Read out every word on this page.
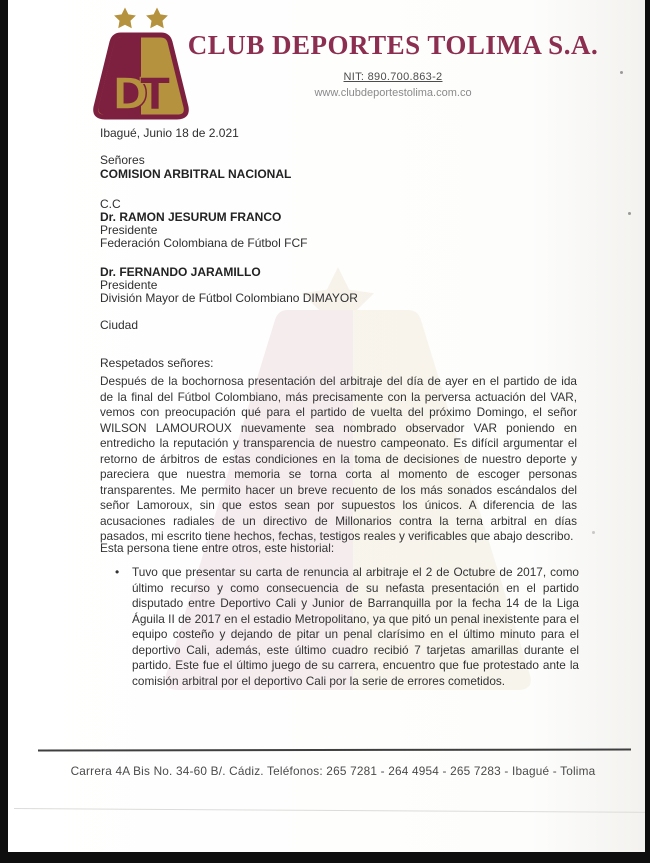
D
T
CLUB DEPORTES TOLIMA S.A.
NIT: 890.700.863-2
www.clubdeportestolima.com.co
Ibagué, Junio 18 de 2.021
Señores
COMISION ARBITRAL NACIONAL
C.C
Dr. RAMON JESURUM FRANCO
Presidente
Federación Colombiana de Fútbol FCF
Dr. FERNANDO JARAMILLO
Presidente
División Mayor de Fútbol Colombiano DIMAYOR
Ciudad
Respetados señores:
Después de la bochornosa presentación del arbitraje del día de ayer en el partido de ida de la final del Fútbol Colombiano, más precisamente con la perversa actuación del VAR, vemos con preocupación qué para el partido de vuelta del próximo Domingo, el señor WILSON LAMOUROUX nuevamente sea nombrado observador VAR poniendo en entredicho la reputación y transparencia de nuestro campeonato. Es difícil argumentar el retorno de árbitros de estas condiciones en la toma de decisiones de nuestro deporte y pareciera que nuestra memoria se torna corta al momento de escoger personas transparentes. Me permito hacer un breve recuento de los más sonados escándalos del señor Lamoroux, sin que estos sean por supuestos los únicos. A diferencia de las acusaciones radiales de un directivo de Millonarios contra la terna arbitral en días pasados, mi escrito tiene hechos, fechas, testigos reales y verificables que abajo describo.
Esta persona tiene entre otros, este historial:
• Tuvo que presentar su carta de renuncia al arbitraje el 2 de Octubre de 2017, como último recurso y como consecuencia de su nefasta presentación en el partido disputado entre Deportivo Cali y Junior de Barranquilla por la fecha 14 de la Liga Águila II de 2017 en el estadio Metropolitano, ya que pitó un penal inexistente para el equipo costeño y dejando de pitar un penal clarísimo en el último minuto para el deportivo Cali, además, este último cuadro recibió 7 tarjetas amarillas durante el partido. Este fue el último juego de su carrera, encuentro que fue protestado ante la comisión arbitral por el deportivo Cali por la serie de errores cometidos.
Carrera 4A Bis No. 34-60 B/. Cádiz. Teléfonos: 265 7281 - 264 4954 - 265 7283 - Ibagué - Tolima
